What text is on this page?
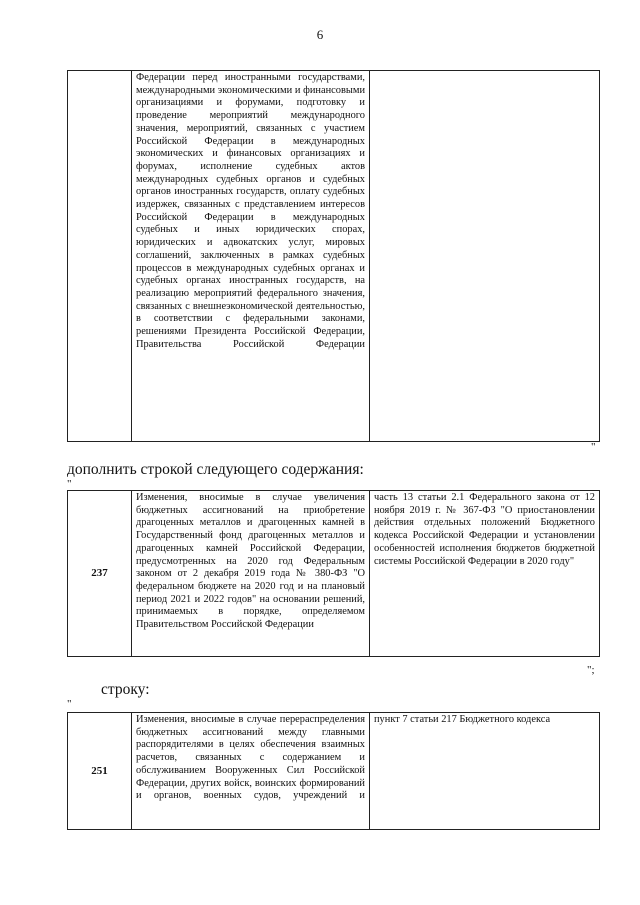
6
	Федерации перед иностранными государствами, международными экономическими и финансовыми организациями и форумами, подготовку и проведение мероприятий международного значения, мероприятий, связанных с участием Российской Федерации в международных экономических и финансовых организациях и форумах, исполнение судебных актов международных судебных органов и судебных органов иностранных государств, оплату судебных издержек, связанных с представлением интересов Российской Федерации в международных судебных и иных юридических спорах, юридических и адвокатских услуг, мировых соглашений, заключенных в рамках судебных процессов в международных судебных органах и судебных органах иностранных государств, на реализацию мероприятий федерального значения, связанных с внешнеэкономической деятельностью, в соответствии с федеральными законами, решениями Президента Российской Федерации, Правительства Российской Федерации	
"
дополнить строкой следующего содержания:
"
237	Изменения, вносимые в случае увеличения бюджетных ассигнований на приобретение драгоценных металлов и драгоценных камней в Государственный фонд драгоценных металлов и драгоценных камней Российской Федерации, предусмотренных на 2020 год Федеральным законом от 2 декабря 2019 года № 380-ФЗ "О федеральном бюджете на 2020 год и на плановый период 2021 и 2022 годов" на основании решений, принимаемых в порядке, определяемом Правительством Российской Федерации	часть 13 статьи 2.1 Федерального закона от 12 ноября 2019 г. № 367-ФЗ "О приостановлении действия отдельных положений Бюджетного кодекса Российской Федерации и установлении особенностей исполнения бюджетов бюджетной системы Российской Федерации в 2020 году"
";
строку:
"
251	Изменения, вносимые в случае перераспределения бюджетных ассигнований между главными распорядителями в целях обеспечения взаимных расчетов, связанных с содержанием и обслуживанием Вооруженных Сил Российской Федерации, других войск, воинских формирований и органов, военных судов, учреждений и	пункт 7 статьи 217 Бюджетного кодекса
